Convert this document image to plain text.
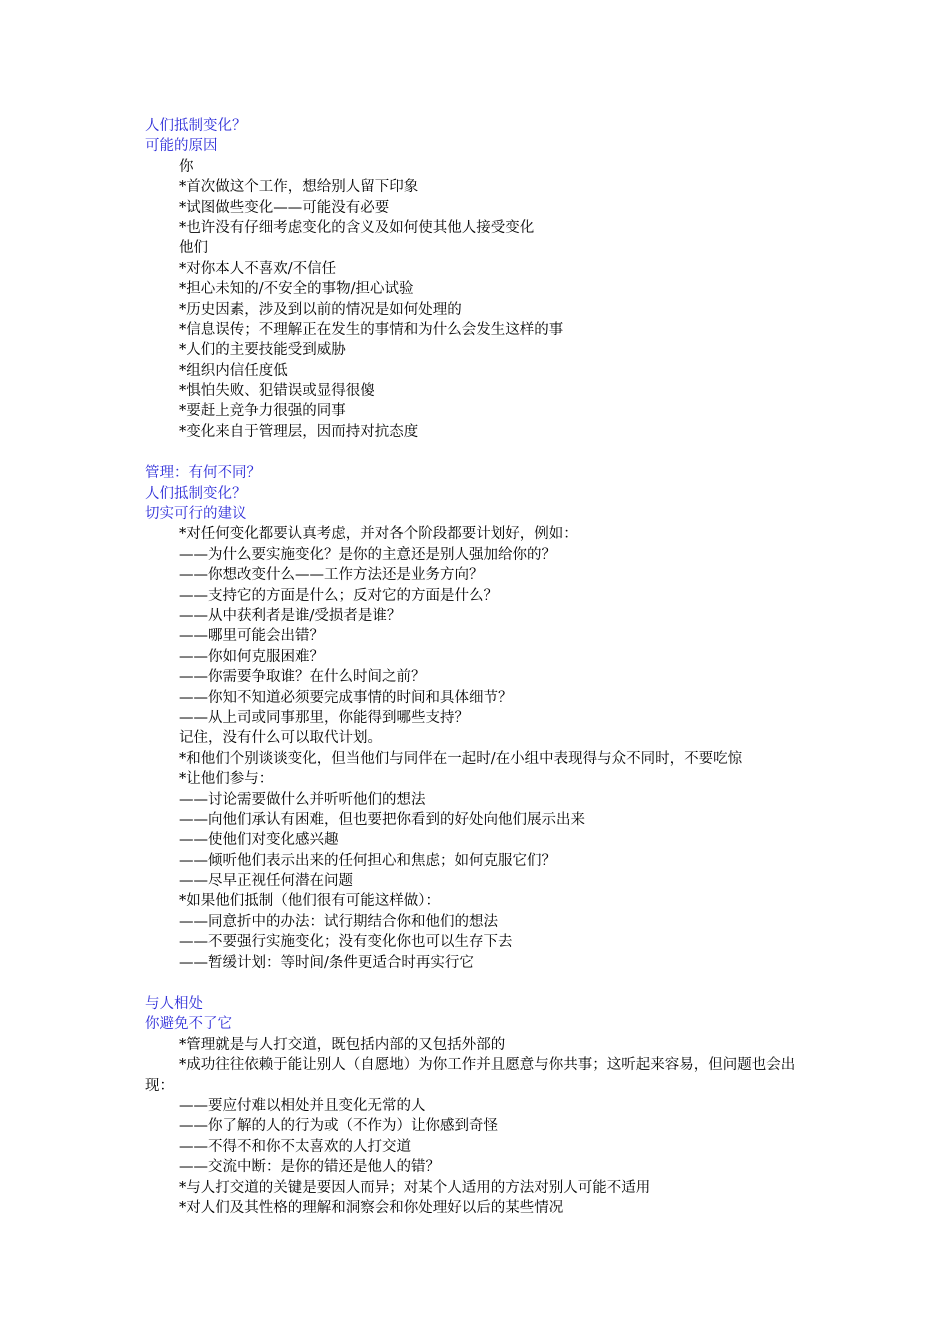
人们抵制变化？
可能的原因
你
*首次做这个工作，想给别人留下印象
*试图做些变化——可能没有必要
*也许没有仔细考虑变化的含义及如何使其他人接受变化
他们
*对你本人不喜欢/不信任
*担心未知的/不安全的事物/担心试验
*历史因素，涉及到以前的情况是如何处理的
*信息误传；不理解正在发生的事情和为什么会发生这样的事
*人们的主要技能受到威胁
*组织内信任度低
*惧怕失败、犯错误或显得很傻
*要赶上竞争力很强的同事
*变化来自于管理层，因而持对抗态度
管理：有何不同？
人们抵制变化？
切实可行的建议
*对任何变化都要认真考虑，并对各个阶段都要计划好，例如：
——为什么要实施变化？是你的主意还是别人强加给你的？
——你想改变什么——工作方法还是业务方向？
——支持它的方面是什么；反对它的方面是什么？
——从中获利者是谁/受损者是谁？
——哪里可能会出错？
——你如何克服困难？
——你需要争取谁？在什么时间之前？
——你知不知道必须要完成事情的时间和具体细节？
——从上司或同事那里，你能得到哪些支持？
记住，没有什么可以取代计划。
*和他们个别谈谈变化，但当他们与同伴在一起时/在小组中表现得与众不同时，不要吃惊
*让他们参与：
——讨论需要做什么并听听他们的想法
——向他们承认有困难，但也要把你看到的好处向他们展示出来
——使他们对变化感兴趣
——倾听他们表示出来的任何担心和焦虑；如何克服它们？
——尽早正视任何潜在问题
*如果他们抵制（他们很有可能这样做）：
——同意折中的办法：试行期结合你和他们的想法
——不要强行实施变化；没有变化你也可以生存下去
——暂缓计划：等时间/条件更适合时再实行它
与人相处
你避免不了它
*管理就是与人打交道，既包括内部的又包括外部的
*成功往往依赖于能让别人（自愿地）为你工作并且愿意与你共事；这听起来容易，但问题也会出现：
——要应付难以相处并且变化无常的人
——你了解的人的行为或（不作为）让你感到奇怪
——不得不和你不太喜欢的人打交道
——交流中断：是你的错还是他人的错？
*与人打交道的关键是要因人而异；对某个人适用的方法对别人可能不适用
*对人们及其性格的理解和洞察会和你处理好以后的某些情况
